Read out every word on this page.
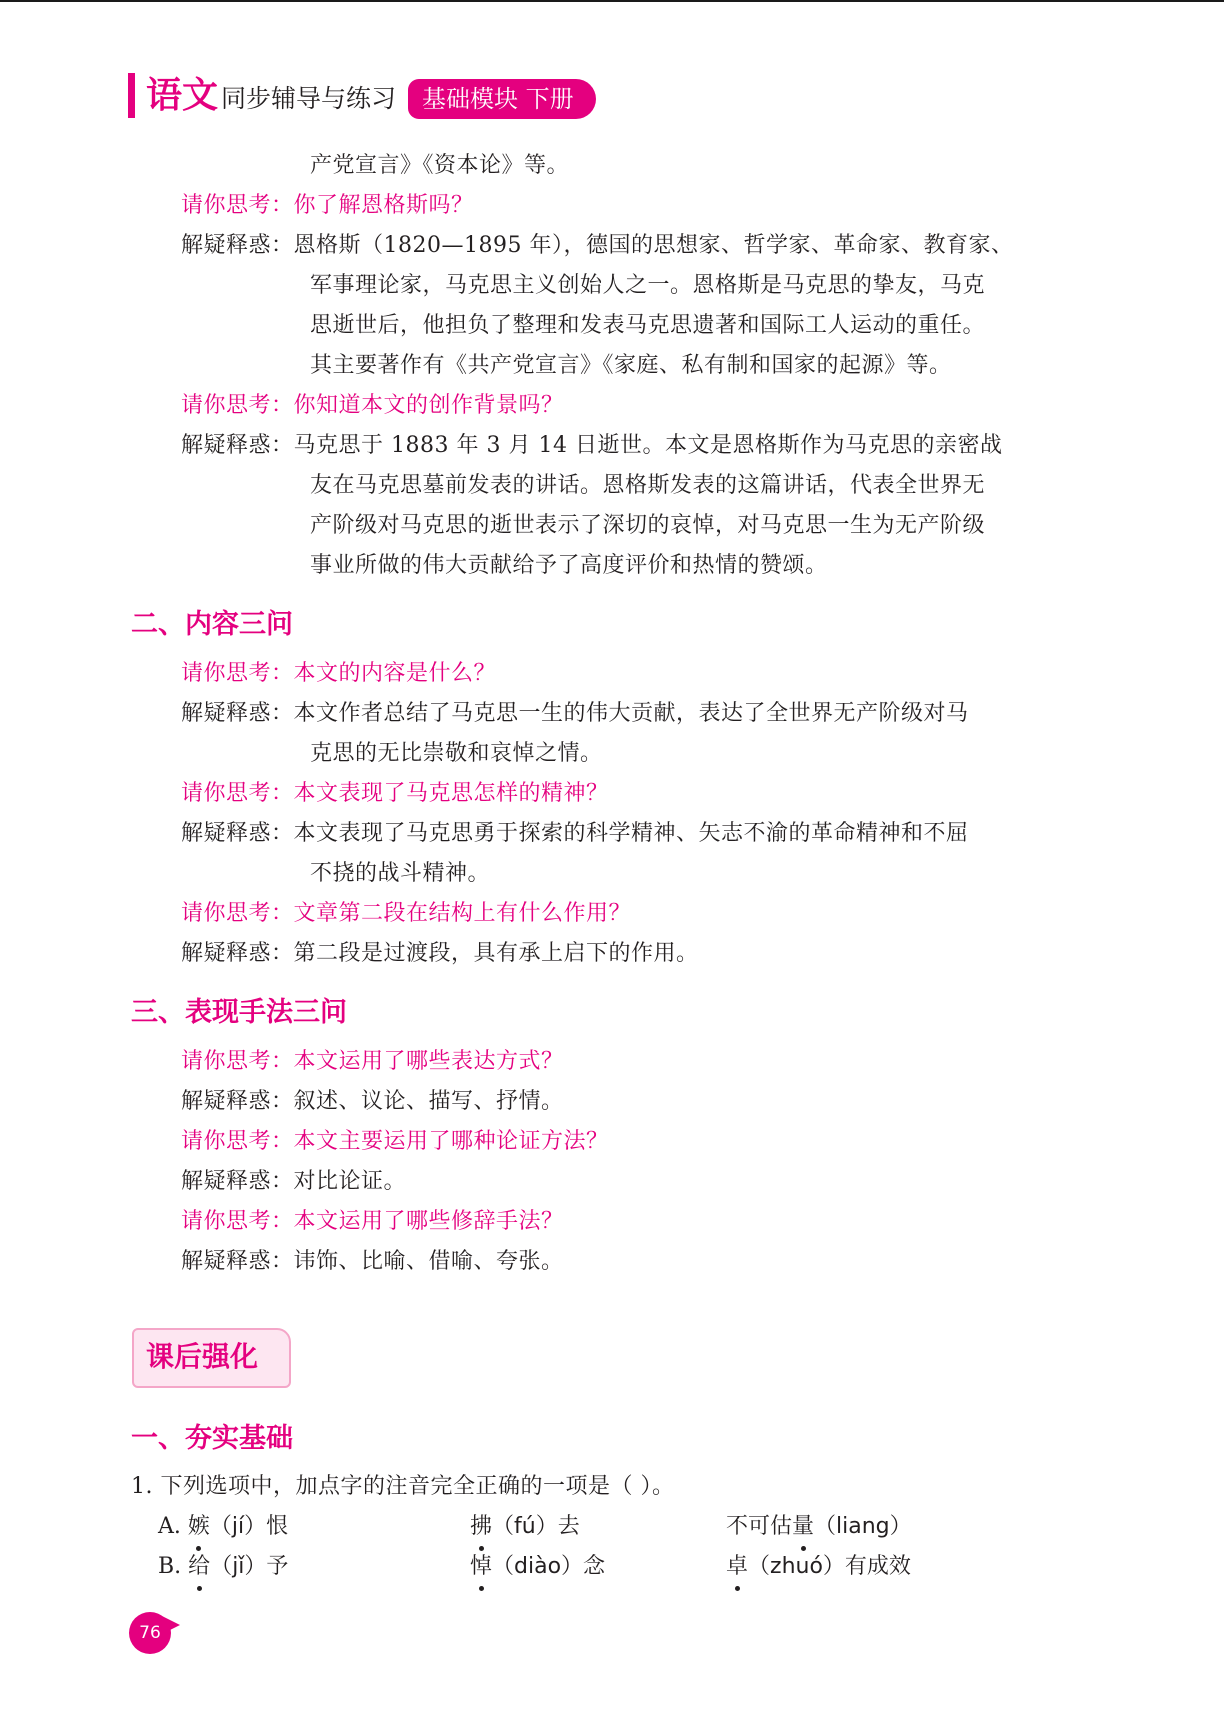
语文 同步辅导与练习	基础模块 下册
产党宣言》《资本论》等。
请你思考：你了解恩格斯吗？
解疑释惑：恩格斯（1820—1895 年），德国的思想家、哲学家、革命家、教育家、
军事理论家，马克思主义创始人之一。恩格斯是马克思的挚友，马克
思逝世后，他担负了整理和发表马克思遗著和国际工人运动的重任。
其主要著作有《共产党宣言》《家庭、私有制和国家的起源》等。
请你思考：你知道本文的创作背景吗？
解疑释惑：马克思于 1883 年 3 月 14 日逝世。本文是恩格斯作为马克思的亲密战
友在马克思墓前发表的讲话。恩格斯发表的这篇讲话，代表全世界无
产阶级对马克思的逝世表示了深切的哀悼，对马克思一生为无产阶级
事业所做的伟大贡献给予了高度评价和热情的赞颂。
二、内容三问
请你思考：本文的内容是什么？
解疑释惑：本文作者总结了马克思一生的伟大贡献，表达了全世界无产阶级对马
克思的无比崇敬和哀悼之情。
请你思考：本文表现了马克思怎样的精神？
解疑释惑：本文表现了马克思勇于探索的科学精神、矢志不渝的革命精神和不屈
不挠的战斗精神。
请你思考：文章第二段在结构上有什么作用？
解疑释惑：第二段是过渡段，具有承上启下的作用。
三、表现手法三问
请你思考：本文运用了哪些表达方式？
解疑释惑：叙述、议论、描写、抒情。
请你思考：本文主要运用了哪种论证方法？
解疑释惑：对比论证。
请你思考：本文运用了哪些修辞手法？
解疑释惑：讳饰、比喻、借喻、夸张。
课后强化
一、夯实基础
1. 下列选项中，加点字的注音完全正确的一项是（ ）。
A. 嫉（jí）恨	拂（fú）去	不可估量（liang）
B. 给（jǐ）予	悼（diào）念	卓（zhuó）有成效
76
